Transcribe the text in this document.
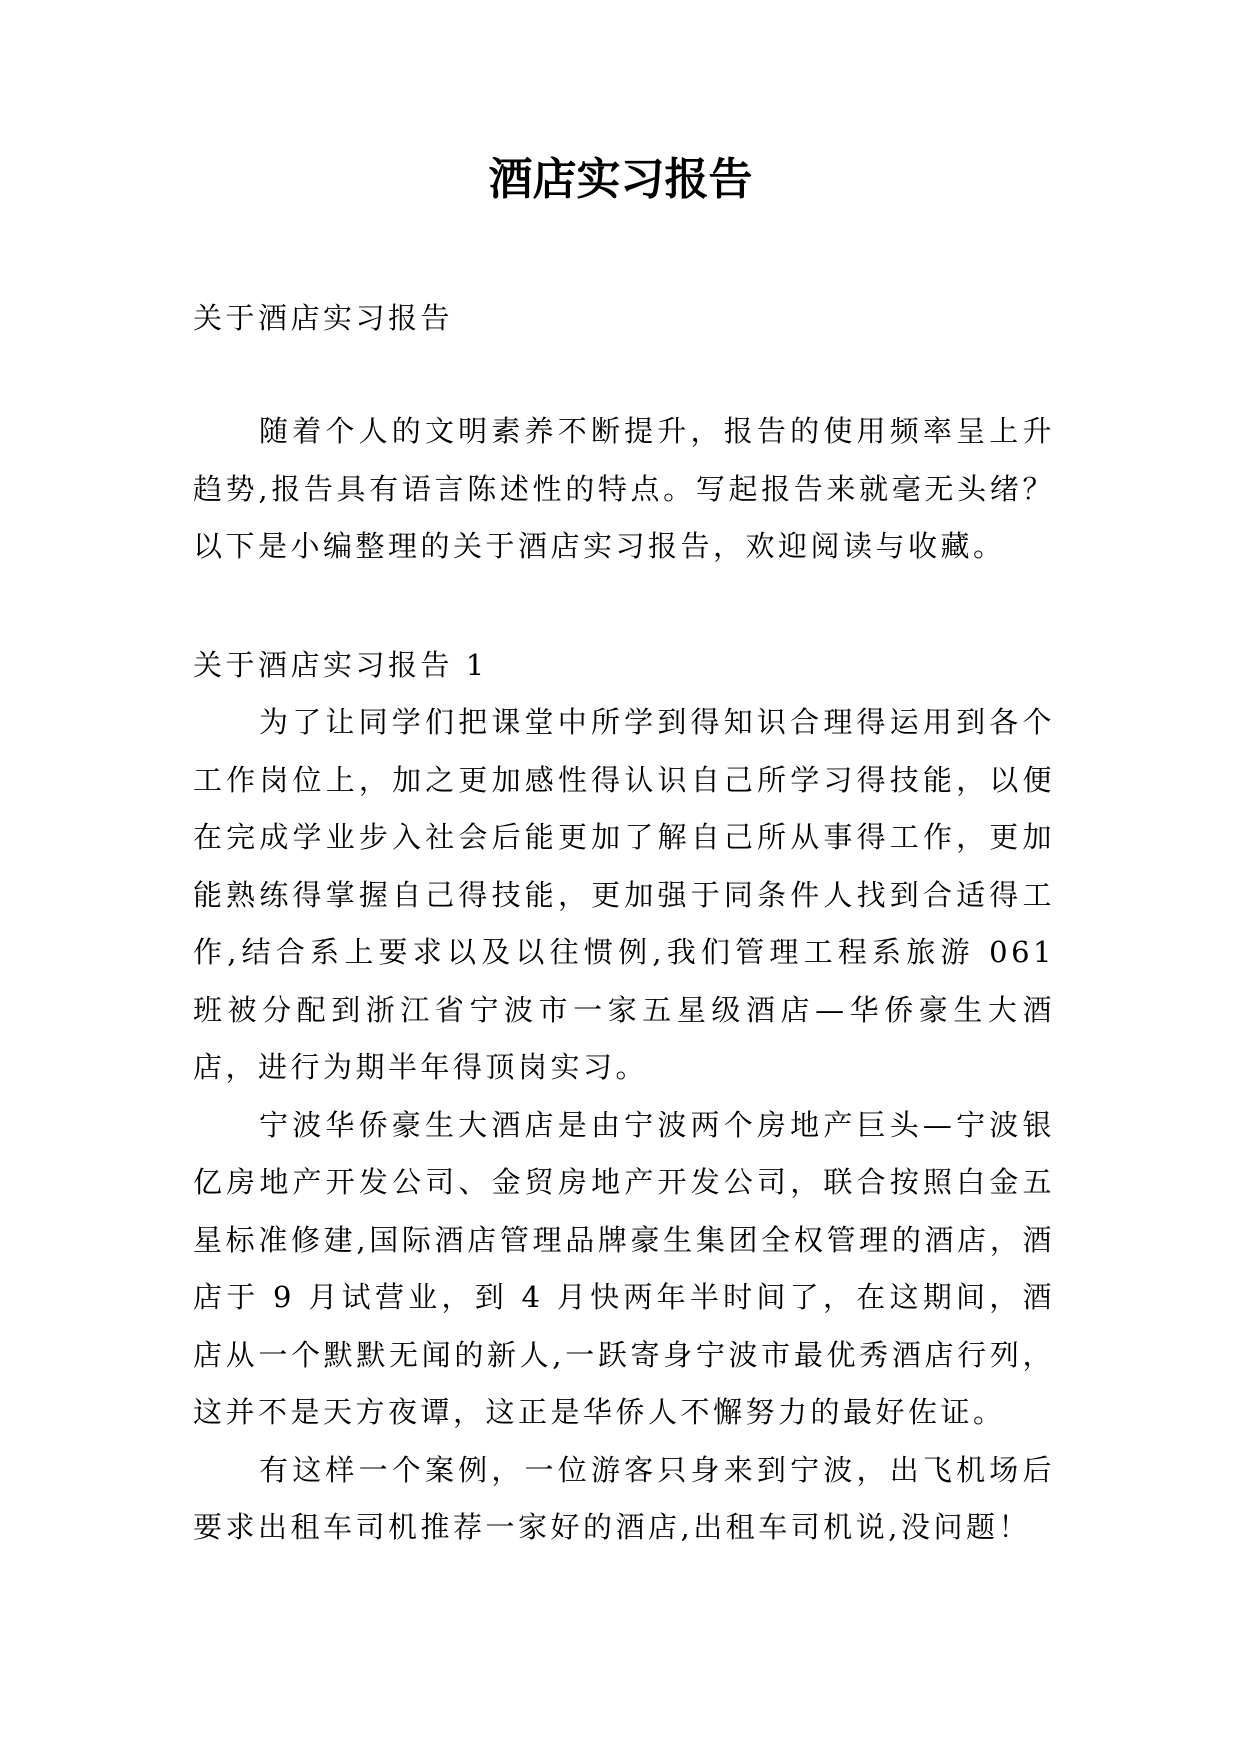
酒店实习报告
关于酒店实习报告
随着个人的文明素养不断提升，报告的使用频率呈上升趋势,报告具有语言陈述性的特点。写起报告来就毫无头绪？以下是小编整理的关于酒店实习报告，欢迎阅读与收藏。
关于酒店实习报告 1

为了让同学们把课堂中所学到得知识合理得运用到各个工作岗位上，加之更加感性得认识自己所学习得技能，以便在完成学业步入社会后能更加了解自己所从事得工作，更加能熟练得掌握自己得技能，更加强于同条件人找到合适得工作,结合系上要求以及以往惯例,我们管理工程系旅游 061 班被分配到浙江省宁波市一家五星级酒店—华侨豪生大酒店，进行为期半年得顶岗实习。

宁波华侨豪生大酒店是由宁波两个房地产巨头—宁波银亿房地产开发公司、金贸房地产开发公司，联合按照白金五星标准修建,国际酒店管理品牌豪生集团全权管理的酒店，酒店于 9 月试营业，到 4 月快两年半时间了，在这期间，酒店从一个默默无闻的新人,一跃寄身宁波市最优秀酒店行列，这并不是天方夜谭，这正是华侨人不懈努力的最好佐证。

有这样一个案例，一位游客只身来到宁波，出飞机场后要求出租车司机推荐一家好的酒店,出租车司机说,没问题！
